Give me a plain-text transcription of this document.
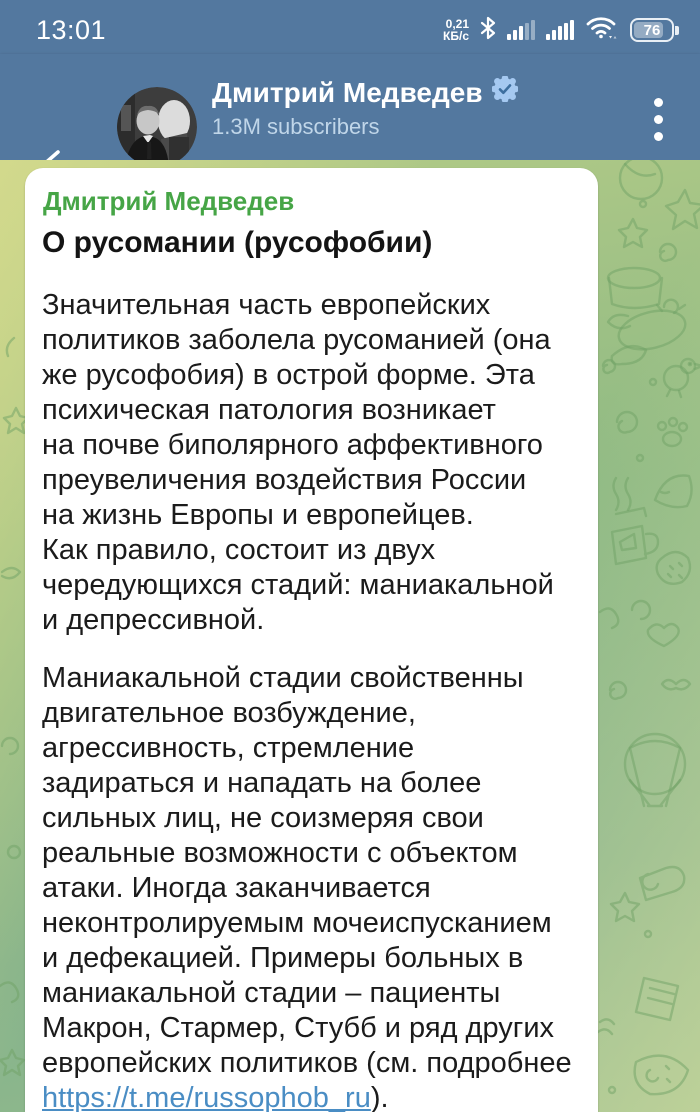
13:01	0,21
КБ/с	76
Дмитрий Медведев
1.3M subscribers
Дмитрий Медведев
О русомании (русофобии)
Значительная часть европейских
политиков заболела русоманией (она
же русофобия) в острой форме. Эта
психическая патология возникает
на почве биполярного аффективного
преувеличения воздействия России
на жизнь Европы и европейцев.
Как правило, состоит из двух
чередующихся стадий: маниакальной
и депрессивной.
Маниакальной стадии свойственны
двигательное возбуждение,
агрессивность, стремление
задираться и нападать на более
сильных лиц, не соизмеряя свои
реальные возможности с объектом
атаки. Иногда заканчивается
неконтролируемым мочеиспусканием
и дефекацией. Примеры больных в
маниакальной стадии – пациенты
Макрон, Стармер, Стубб и ряд других
европейских политиков (см. подробнее
https://t.me/russophob_ru).
